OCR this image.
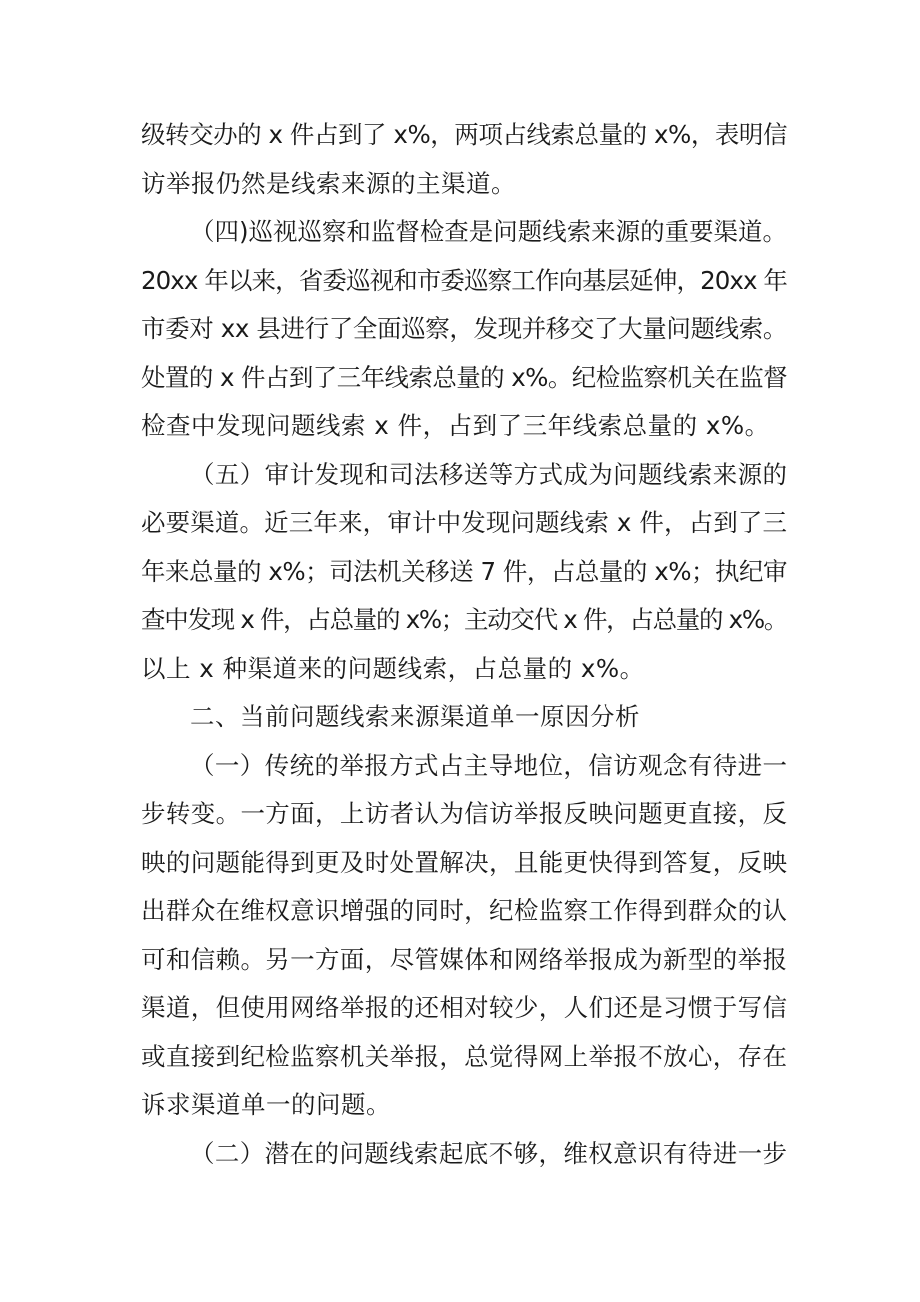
级转交办的 x 件占到了 x%，两项占线索总量的 x%，表明信
访举报仍然是线索来源的主渠道。
（四)巡视巡察和监督检查是问题线索来源的重要渠道。
20xx 年以来，省委巡视和市委巡察工作向基层延伸，20xx 年
市委对 xx 县进行了全面巡察，发现并移交了大量问题线索。
处置的 x 件占到了三年线索总量的 x%。纪检监察机关在监督
检查中发现问题线索 x 件，占到了三年线索总量的 x%。
（五）审计发现和司法移送等方式成为问题线索来源的
必要渠道。近三年来，审计中发现问题线索 x 件，占到了三
年来总量的 x%；司法机关移送 7 件，占总量的 x%；执纪审
查中发现 x 件，占总量的 x%；主动交代 x 件，占总量的 x%。
以上 x 种渠道来的问题线索，占总量的 x%。
二、当前问题线索来源渠道单一原因分析
（一）传统的举报方式占主导地位，信访观念有待进一
步转变。一方面，上访者认为信访举报反映问题更直接，反
映的问题能得到更及时处置解决，且能更快得到答复，反映
出群众在维权意识增强的同时，纪检监察工作得到群众的认
可和信赖。另一方面，尽管媒体和网络举报成为新型的举报
渠道，但使用网络举报的还相对较少，人们还是习惯于写信
或直接到纪检监察机关举报，总觉得网上举报不放心，存在
诉求渠道单一的问题。
（二）潜在的问题线索起底不够，维权意识有待进一步
